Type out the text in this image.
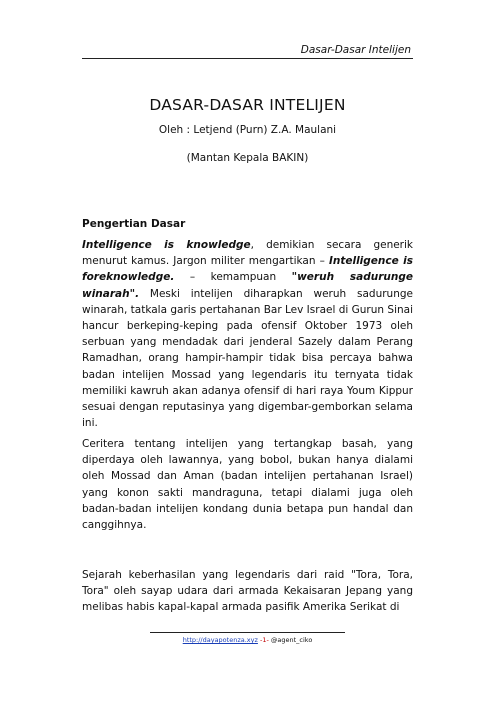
Dasar-Dasar Intelijen
DASAR-DASAR INTELIJEN
Oleh : Letjend (Purn) Z.A. Maulani
(Mantan Kepala BAKIN)
Pengertian Dasar
Intelligence is knowledge, demikian secara generik menurut kamus. Jargon militer mengartikan – Intelligence is foreknowledge. – kemampuan "weruh sadurunge winarah". Meski intelijen diharapkan weruh sadurunge winarah, tatkala garis pertahanan Bar Lev Israel di Gurun Sinai hancur berkeping-keping pada ofensif Oktober 1973 oleh serbuan yang mendadak dari jenderal Sazely dalam Perang Ramadhan, orang hampir-hampir tidak bisa percaya bahwa badan intelijen Mossad yang legendaris itu ternyata tidak memiliki kawruh akan adanya ofensif di hari raya Youm Kippur sesuai dengan reputasinya yang digembar-gemborkan selama ini.
Ceritera tentang intelijen yang tertangkap basah, yang diperdaya oleh lawannya, yang bobol, bukan hanya dialami oleh Mossad dan Aman (badan intelijen pertahanan Israel) yang konon sakti mandraguna, tetapi dialami juga oleh badan-badan intelijen kondang dunia betapa pun handal dan canggihnya.
Sejarah keberhasilan yang legendaris dari raid "Tora, Tora, Tora" oleh sayap udara dari armada Kekaisaran Jepang yang melibas habis kapal-kapal armada pasifik Amerika Serikat di
http://dayapotenza.xyz -1- @agent_ciko
